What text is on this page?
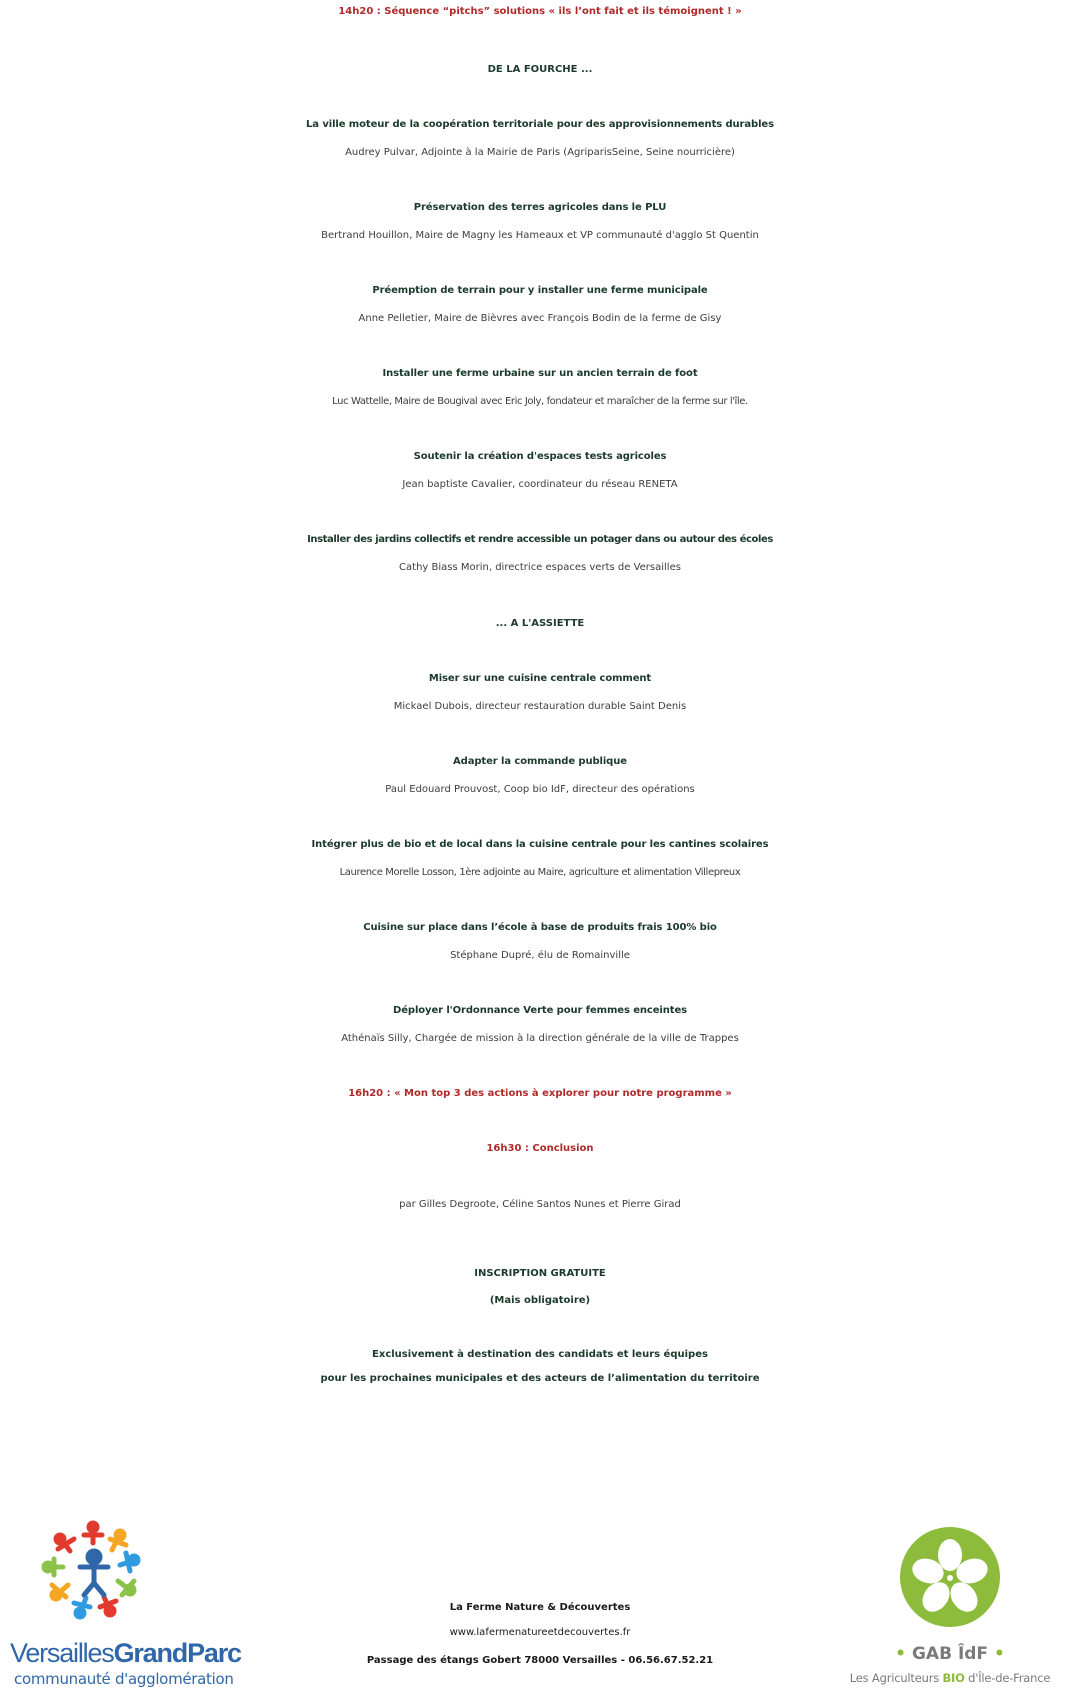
14h20 : Séquence “pitchs” solutions « ils l’ont fait et ils témoignent ! »
DE LA FOURCHE ...
La ville moteur de la coopération territoriale pour des approvisionnements durables
Audrey Pulvar, Adjointe à la Mairie de Paris (AgriparisSeine, Seine nourricière)
Préservation des terres agricoles dans le PLU
Bertrand Houillon, Maire de Magny les Hameaux et VP communauté d'agglo St Quentin
Préemption de terrain pour y installer une ferme municipale
Anne Pelletier, Maire de Bièvres avec François Bodin de la ferme de Gisy
Installer une ferme urbaine sur un ancien terrain de foot
Luc Wattelle, Maire de Bougival avec Eric Joly, fondateur et maraîcher de la ferme sur l'île.
Soutenir la création d'espaces tests agricoles
Jean baptiste Cavalier, coordinateur du réseau RENETA
Installer des jardins collectifs et rendre accessible un potager dans ou autour des écoles
Cathy Biass Morin, directrice espaces verts de Versailles
... A L'ASSIETTE
Miser sur une cuisine centrale comment
Mickael Dubois, directeur restauration durable Saint Denis
Adapter la commande publique
Paul Edouard Prouvost, Coop bio IdF, directeur des opérations
Intégrer plus de bio et de local dans la cuisine centrale pour les cantines scolaires
Laurence Morelle Losson, 1ère adjointe au Maire, agriculture et alimentation Villepreux
Cuisine sur place dans l’école à base de produits frais 100% bio
Stéphane Dupré, élu de Romainville
Déployer l'Ordonnance Verte pour femmes enceintes
Athénaïs Silly, Chargée de mission à la direction générale de la ville de Trappes
16h20 : « Mon top 3 des actions à explorer pour notre programme »
16h30 : Conclusion
par Gilles Degroote, Céline Santos Nunes et Pierre Girad
INSCRIPTION GRATUITE
(Mais obligatoire)
Exclusivement à destination des candidats et leurs équipes
pour les prochaines municipales et des acteurs de l’alimentation du territoire
VersaillesGrandParc
communauté d'agglomération
La Ferme Nature & Découvertes
www.lafermenatureetdecouvertes.fr
Passage des étangs Gobert 78000 Versailles - 06.56.67.52.21	• GAB ÎdF •
Les Agriculteurs BIO d'Île-de-France
